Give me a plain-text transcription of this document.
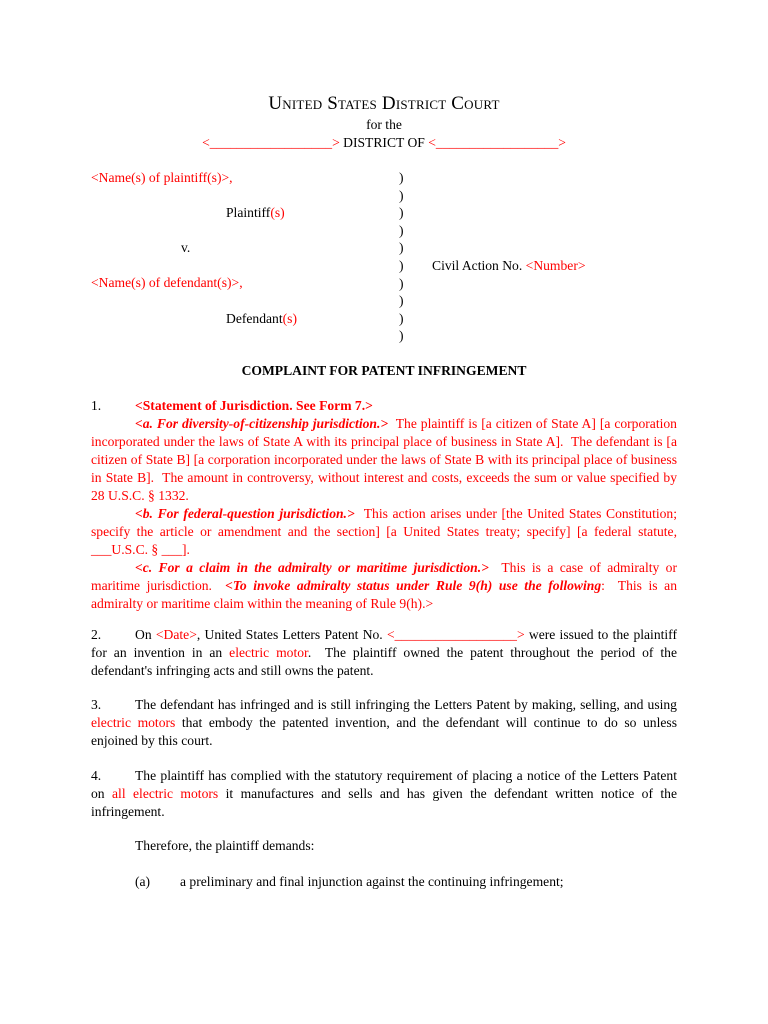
United States District Court
for the
<__________________> DISTRICT OF <__________________>
<Name(s) of plaintiff(s)>,
Plaintiff(s)
v.
<Name(s) of defendant(s)>,
Defendant(s)
Civil Action No. <Number>
)
)
)
)
)
)
)
)
)
)
COMPLAINT FOR PATENT INFRINGEMENT
1. <Statement of Jurisdiction. See Form 7.>
<a. For diversity-of-citizenship jurisdiction.>  The plaintiff is [a citizen of State A] [a corporation incorporated under the laws of State A with its principal place of business in State A].  The defendant is [a citizen of State B] [a corporation incorporated under the laws of State B with its principal place of business in State B].  The amount in controversy, without interest and costs, exceeds the sum or value specified by 28 U.S.C. § 1332.
<b. For federal-question jurisdiction.>  This action arises under [the United States Constitution; specify the article or amendment and the section] [a United States treaty; specify] [a federal statute, ___U.S.C. § ___].
<c. For a claim in the admiralty or maritime jurisdiction.>  This is a case of admiralty or maritime jurisdiction.  <To invoke admiralty status under Rule 9(h) use the following:  This is an admiralty or maritime claim within the meaning of Rule 9(h).>
2. On <Date>, United States Letters Patent No. <__________________> were issued to the plaintiff for an invention in an electric motor.  The plaintiff owned the patent throughout the period of the defendant's infringing acts and still owns the patent.
3. The defendant has infringed and is still infringing the Letters Patent by making, selling, and using electric motors that embody the patented invention, and the defendant will continue to do so unless enjoined by this court.
4. The plaintiff has complied with the statutory requirement of placing a notice of the Letters Patent on all electric motors it manufactures and sells and has given the defendant written notice of the infringement.
Therefore, the plaintiff demands:
(a) a preliminary and final injunction against the continuing infringement;
